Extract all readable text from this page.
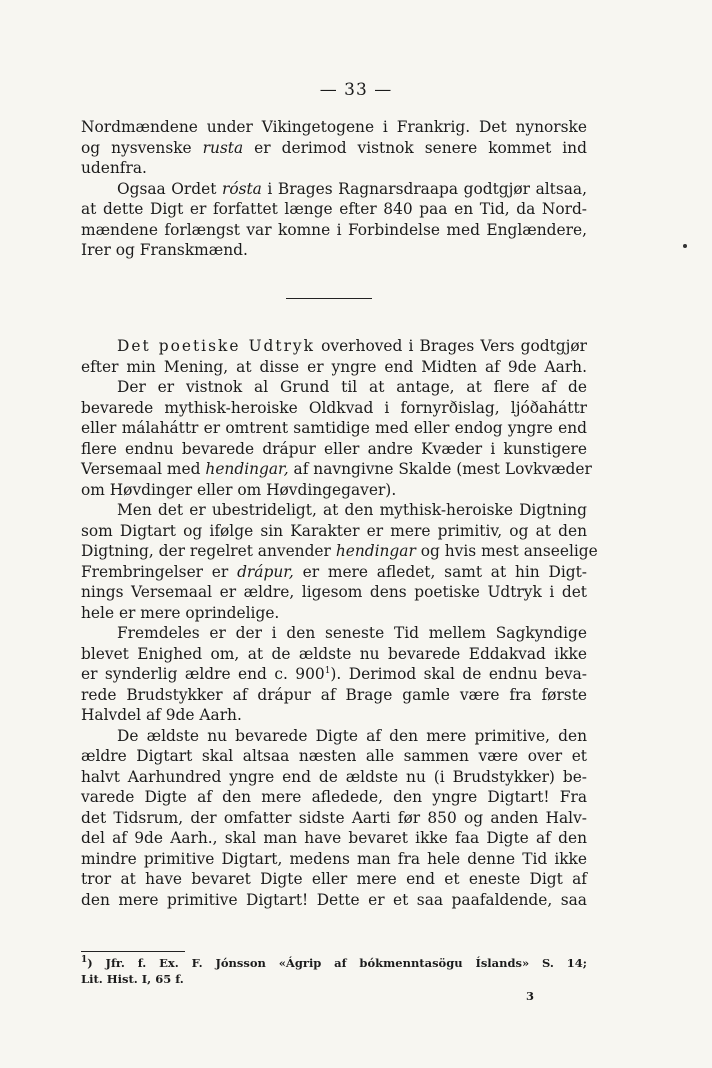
— 33 —
Nordmændene under Vikingetogene i Frankrig. Det nynorske
og nysvenske rusta er derimod vistnok senere kommet ind
udenfra.
Ogsaa Ordet rósta i Brages Ragnarsdraapa godtgjør altsaa,
at dette Digt er forfattet længe efter 840 paa en Tid, da Nord-
mændene forlængst var komne i Forbindelse med Englændere,
Irer og Franskmænd.
Det poetiske Udtryk overhoved i Brages Vers godtgjør
efter min Mening, at disse er yngre end Midten af 9de Aarh.
Der er vistnok al Grund til at antage, at flere af de
bevarede mythisk-heroiske Oldkvad i fornyrðislag, ljóðaháttr
eller málaháttr er omtrent samtidige med eller endog yngre end
flere endnu bevarede drápur eller andre Kvæder i kunstigere
Versemaal med hendingar, af navngivne Skalde (mest Lovkvæder
om Høvdinger eller om Høvdingegaver).
Men det er ubestrideligt, at den mythisk-heroiske Digtning
som Digtart og ifølge sin Karakter er mere primitiv, og at den
Digtning, der regelret anvender hendingar og hvis mest anseelige
Frembringelser er drápur, er mere afledet, samt at hin Digt-
nings Versemaal er ældre, ligesom dens poetiske Udtryk i det
hele er mere oprindelige.
Fremdeles er der i den seneste Tid mellem Sagkyndige
blevet Enighed om, at de ældste nu bevarede Eddakvad ikke
er synderlig ældre end c. $900^1$). Derimod skal de endnu beva-
rede Brudstykker af drápur af Brage gamle være fra første
Halvdel af 9de Aarh.
De ældste nu bevarede Digte af den mere primitive, den
ældre Digtart skal altsaa næsten alle sammen være over et
halvt Aarhundred yngre end de ældste nu (i Brudstykker) be-
varede Digte af den mere afledede, den yngre Digtart! Fra
det Tidsrum, der omfatter sidste Aarti før 850 og anden Halv-
del af 9de Aarh., skal man have bevaret ikke faa Digte af den
mindre primitive Digtart, medens man fra hele denne Tid ikke
tror at have bevaret Digte eller mere end et eneste Digt af
den mere primitive Digtart! Dette er et saa paafaldende, saa
$^1$) Jfr. f. Ex. F. Jónsson «Ágrip af bókmenntasögu Íslands» S. 14;
Lit. Hist. I, 65 f.
3
